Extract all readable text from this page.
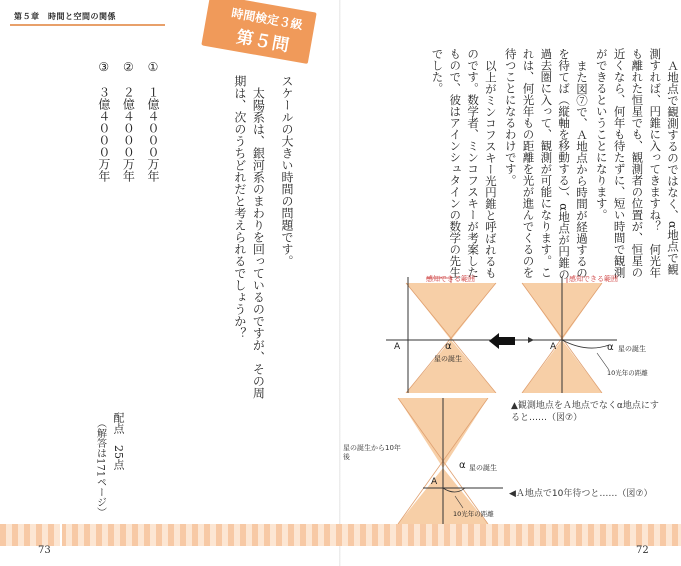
第５章　時間と空間の関係	時間検定３級
第５問

スケールの大きい時間の問題です。

太陽系は、銀河系のまわりを回っているのですが、その周期は、次のうちどれだと考えられるでしょうか？

①　１億４０００万年
②　２億４０００万年
③　３億４０００万年
配点　25点
（解答は171ページ）

Ａ地点で観測するのではなく、α地点で観測すれば、円錐に入ってきますね？　何光年も離れた恒星でも、観測者の位置が、恒星の近くなら、何年も待たずに、短い時間で観測ができるということになります。

また図⑦で、Ａ地点から時間が経過するのを待てば（縦軸を移動する）、α地点が円錐の過去圏に入って、観測が可能になります。これは、何光年もの距離を光が進んでくるのを待つことになるわけです。

以上がミンコフスキー光円錐と呼ばれるものです。数学者、ミンコフスキーが考案したもので、彼はアインシュタインの数学の先生でした。

A	α
星の誕生
感知できる範囲
A	α 星の誕生
10光年の距離
感知できる範囲
▲観測地点をＡ地点でなくα地点にすると……（図⑦）
A
α 星の誕生
10光年の距離
星の誕生から10年後
◀Ａ地点で10年待つと……（図⑦）
73	72
